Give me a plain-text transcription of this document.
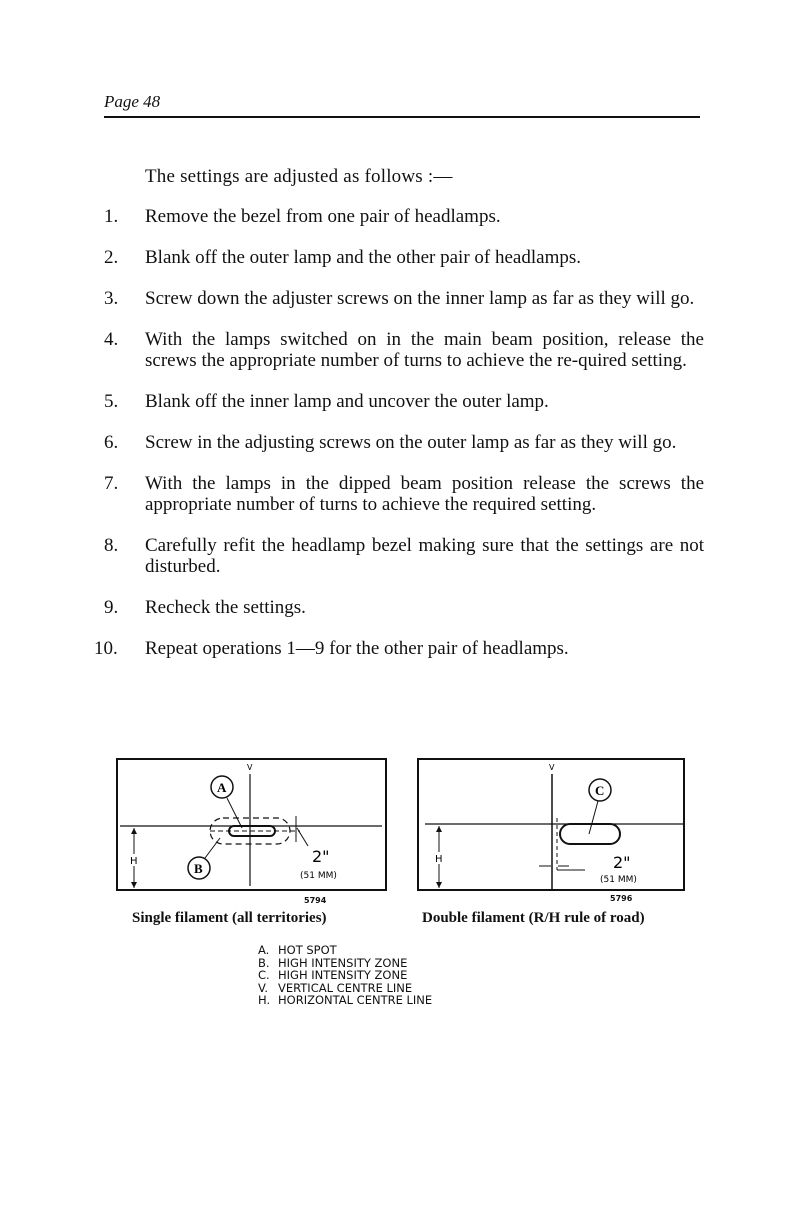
Page 48
The settings are adjusted as follows :—
1.	Remove the bezel from one pair of headlamps.
2.	Blank off the outer lamp and the other pair of headlamps.
3.	Screw down the adjuster screws on the inner lamp as far as they will go.
4.	With the lamps switched on in the main beam position, release the screws the appropriate number of turns to achieve the re-quired setting.
5.	Blank off the inner lamp and uncover the outer lamp.
6.	Screw in the adjusting screws on the outer lamp as far as they will go.
7.	With the lamps in the dipped beam position release the screws the appropriate number of turns to achieve the required setting.
8.	Carefully refit the headlamp bezel making sure that the settings are not disturbed.
9.	Recheck the settings.
10.	Repeat operations 1—9 for the other pair of headlamps.
V
H
A
B
2"
(51 MM)
5794
Single filament (all territories)
V
H
C
2"
(51 MM)
5796
Double filament (R/H rule of road)
A. HOT SPOT
B. HIGH INTENSITY ZONE
C. HIGH INTENSITY ZONE
V. VERTICAL CENTRE LINE
H. HORIZONTAL CENTRE LINE
